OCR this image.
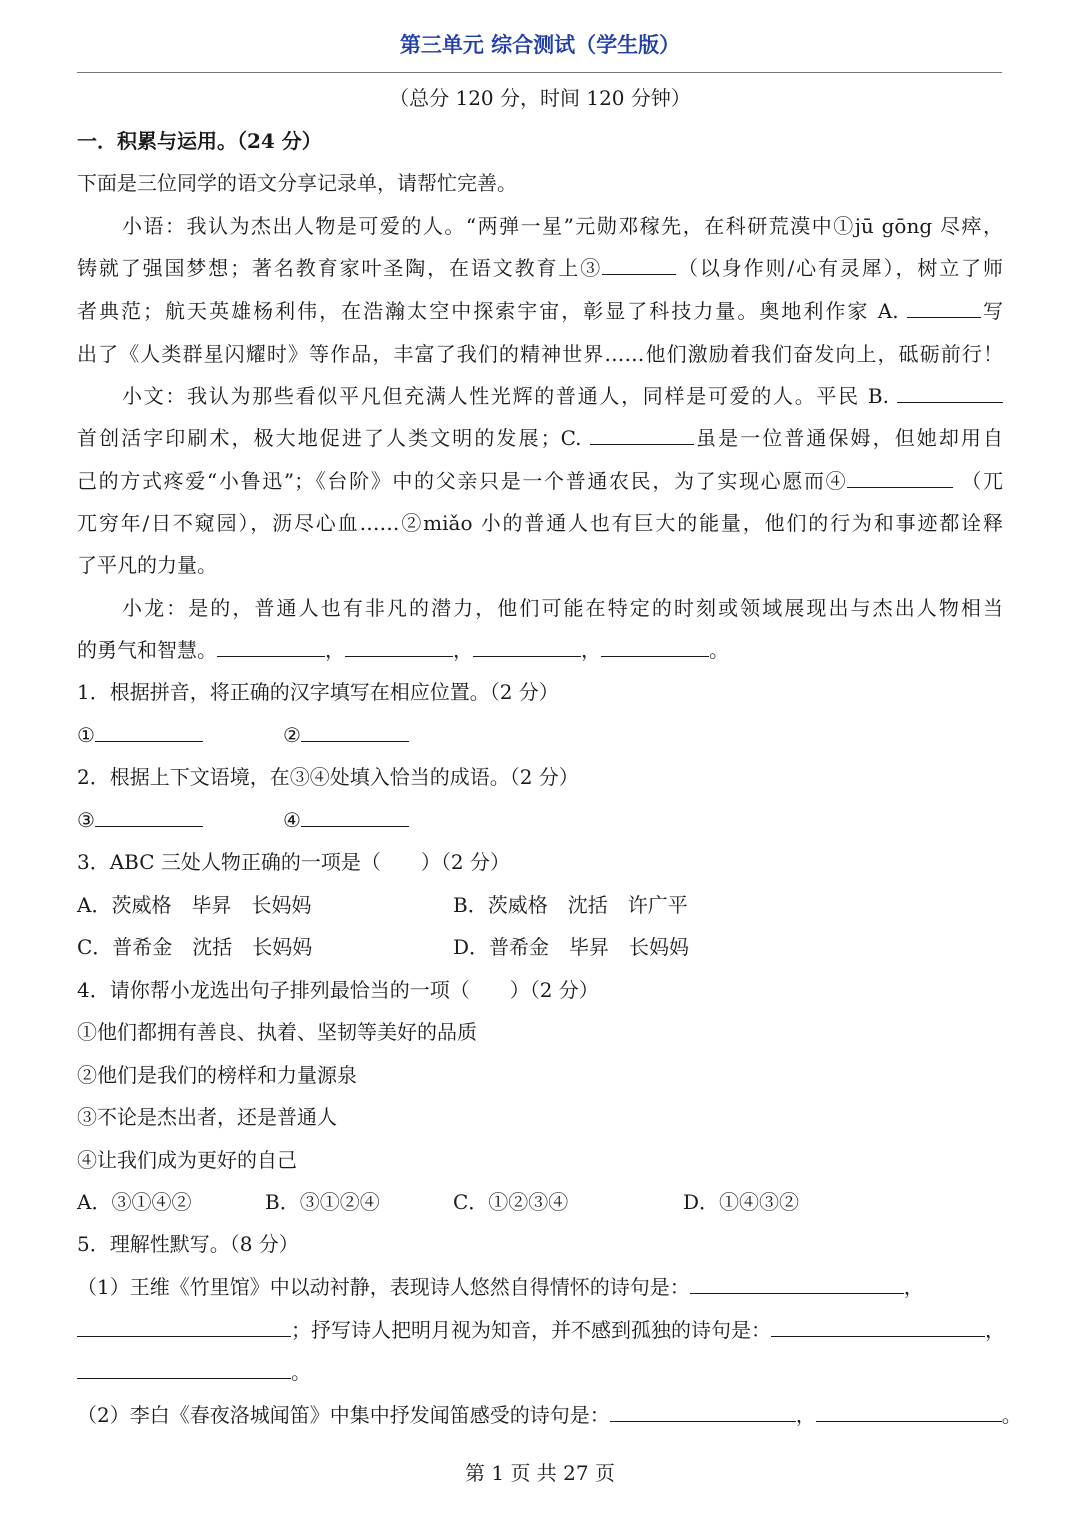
第三单元 综合测试（学生版）
（总分 120 分，时间 120 分钟）
一．积累与运用。（24 分）
下面是三位同学的语文分享记录单，请帮忙完善。
小语：我认为杰出人物是可爱的人。“两弹一星”元勋邓稼先，在科研荒漠中①jū gōng 尽瘁，
铸就了强国梦想；著名教育家叶圣陶，在语文教育上③	（以身作则/心有灵犀），树立了师
者典范；航天英雄杨利伟，在浩瀚太空中探索宇宙，彰显了科技力量。奥地利作家 A.	写
出了《人类群星闪耀时》等作品，丰富了我们的精神世界……他们激励着我们奋发向上，砥砺前行！
小文：我认为那些看似平凡但充满人性光辉的普通人，同样是可爱的人。平民 B.
首创活字印刷术，极大地促进了人类文明的发展；C.	虽是一位普通保姆，但她却用自
己的方式疼爱“小鲁迅”；《台阶》中的父亲只是一个普通农民，为了实现心愿而④	（兀
兀穷年/日不窥园），沥尽心血……②miǎo 小的普通人也有巨大的能量，他们的行为和事迹都诠释
了平凡的力量。
小龙：是的，普通人也有非凡的潜力，他们可能在特定的时刻或领域展现出与杰出人物相当
的勇气和智慧。	，	，	，	。
1．根据拼音，将正确的汉字填写在相应位置。（2 分）
①	②
2．根据上下文语境，在③④处填入恰当的成语。（2 分）
③	④
3．ABC 三处人物正确的一项是（　　）（2 分）
A．茨威格　毕昇　长妈妈	B．茨威格　沈括　许广平
C．普希金　沈括　长妈妈	D．普希金　毕昇　长妈妈
4．请你帮小龙选出句子排列最恰当的一项（　　）（2 分）
①他们都拥有善良、执着、坚韧等美好的品质
②他们是我们的榜样和力量源泉
③不论是杰出者，还是普通人
④让我们成为更好的自己
A．③①④②	B．③①②④	C．①②③④	D．①④③②
5．理解性默写。（8 分）
（1）王维《竹里馆》中以动衬静，表现诗人悠然自得情怀的诗句是：	，
；抒写诗人把明月视为知音，并不感到孤独的诗句是：	，
。
（2）李白《春夜洛城闻笛》中集中抒发闻笛感受的诗句是：	，	。
第 1 页 共 27 页
